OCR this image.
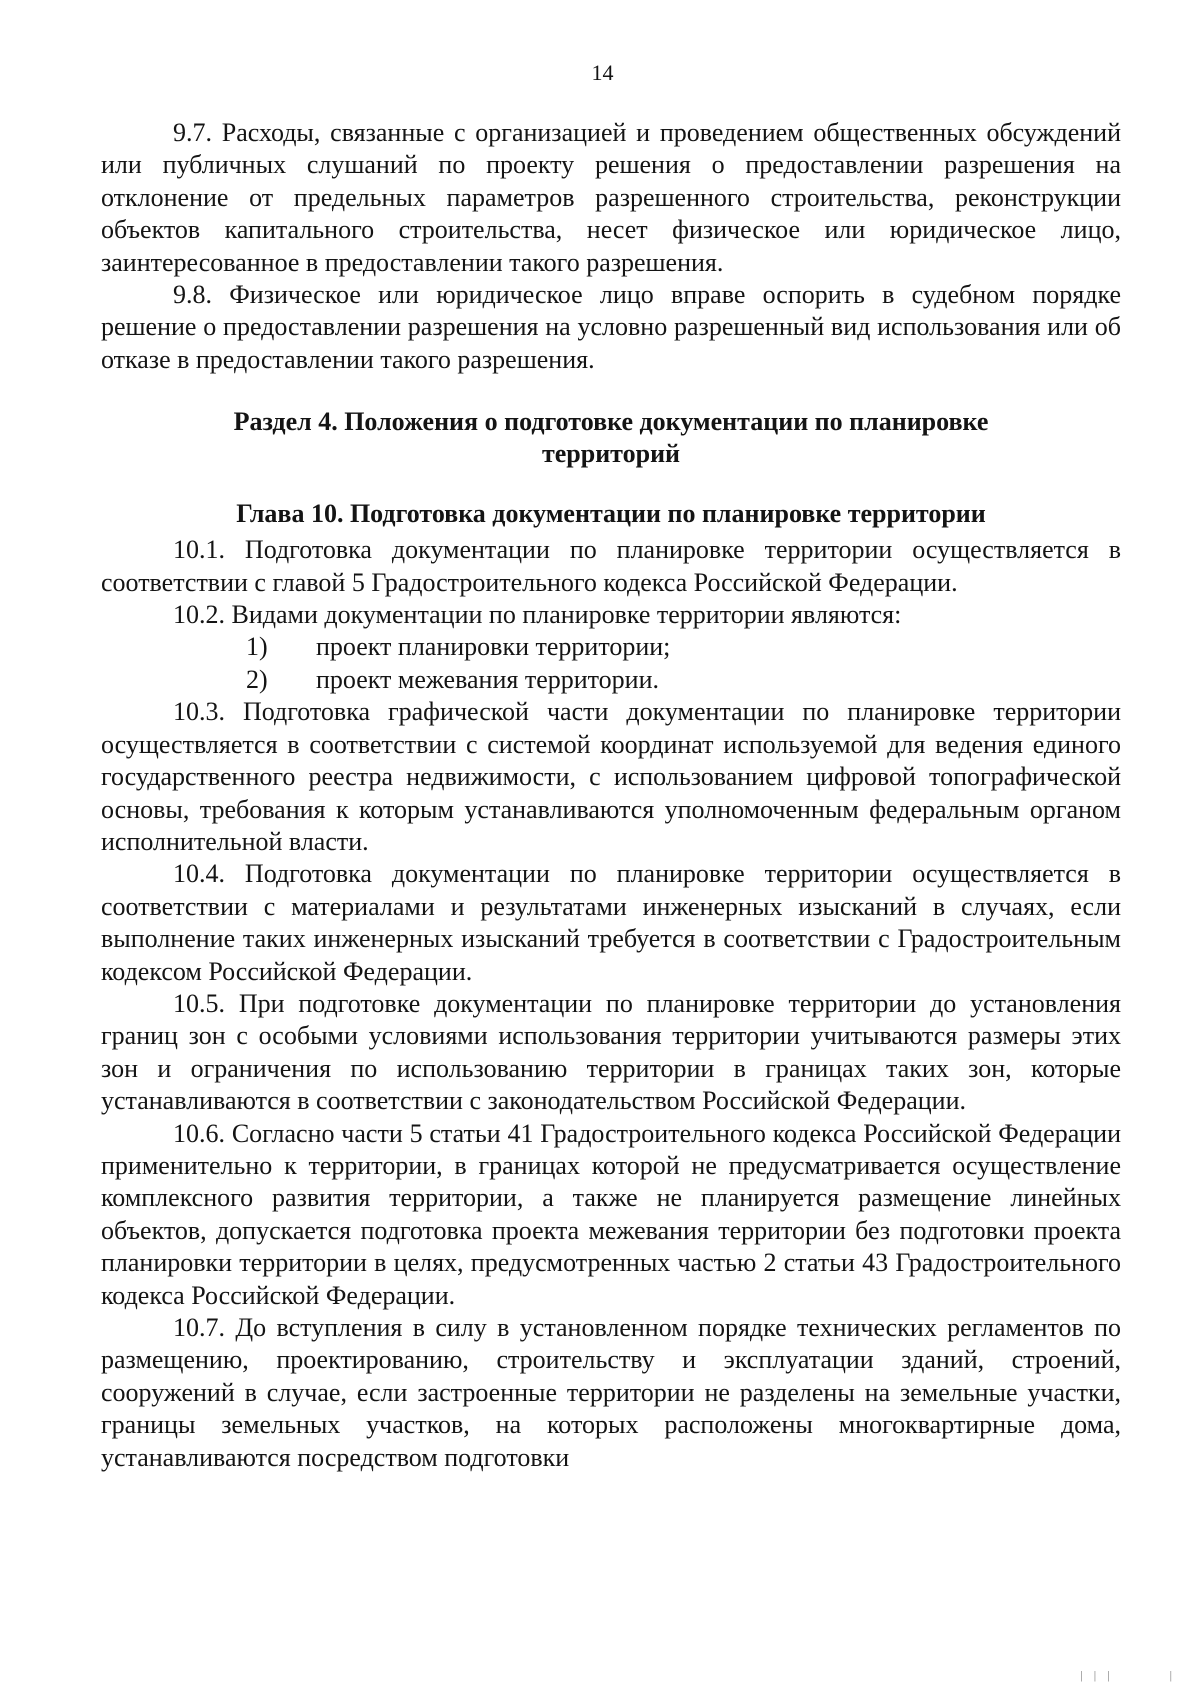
14

9.7. Расходы, связанные с организацией и проведением общественных обсуждений или публичных слушаний по проекту решения о предоставлении разрешения на отклонение от предельных параметров разрешенного строительства, реконструкции объектов капитального строительства, несет физическое или юридическое лицо, заинтересованное в предоставлении такого разрешения.

9.8. Физическое или юридическое лицо вправе оспорить в судебном порядке решение о предоставлении разрешения на условно разрешенный вид использования или об отказе в предоставлении такого разрешения.

Раздел 4. Положения о подготовке документации по планировке
территорий
Глава 10. Подготовка документации по планировке территории

10.1. Подготовка документации по планировке территории осуществляется в соответствии с главой 5 Градостроительного кодекса Российской Федерации.

10.2. Видами документации по планировке территории являются:

1)	проект планировки территории;
2)	проект межевания территории.

10.3. Подготовка графической части документации по планировке территории осуществляется в соответствии с системой координат используемой для ведения единого государственного реестра недвижимости, с использованием цифровой топографической основы, требования к которым устанавливаются уполномоченным федеральным органом исполнительной власти.

10.4. Подготовка документации по планировке территории осуществляется в соответствии с материалами и результатами инженерных изысканий в случаях, если выполнение таких инженерных изысканий требуется в соответствии с Градостроительным кодексом Российской Федерации.

10.5. При подготовке документации по планировке территории до установления границ зон с особыми условиями использования территории учитываются размеры этих зон и ограничения по использованию территории в границах таких зон, которые устанавливаются в соответствии с законодательством Российской Федерации.

10.6. Согласно части 5 статьи 41 Градостроительного кодекса Российской Федерации применительно к территории, в границах которой не предусматривается осуществление комплексного развития территории, а также не планируется размещение линейных объектов, допускается подготовка проекта межевания территории без подготовки проекта планировки территории в целях, предусмотренных частью 2 статьи 43 Градостроительного кодекса Российской Федерации.

10.7. До вступления в силу в установленном порядке технических регламентов по размещению, проектированию, строительству и эксплуатации зданий, строений, сооружений в случае, если застроенные территории не разделены на земельные участки, границы земельных участков, на которых расположены многоквартирные дома, устанавливаются посредством подготовки

| | |        |
